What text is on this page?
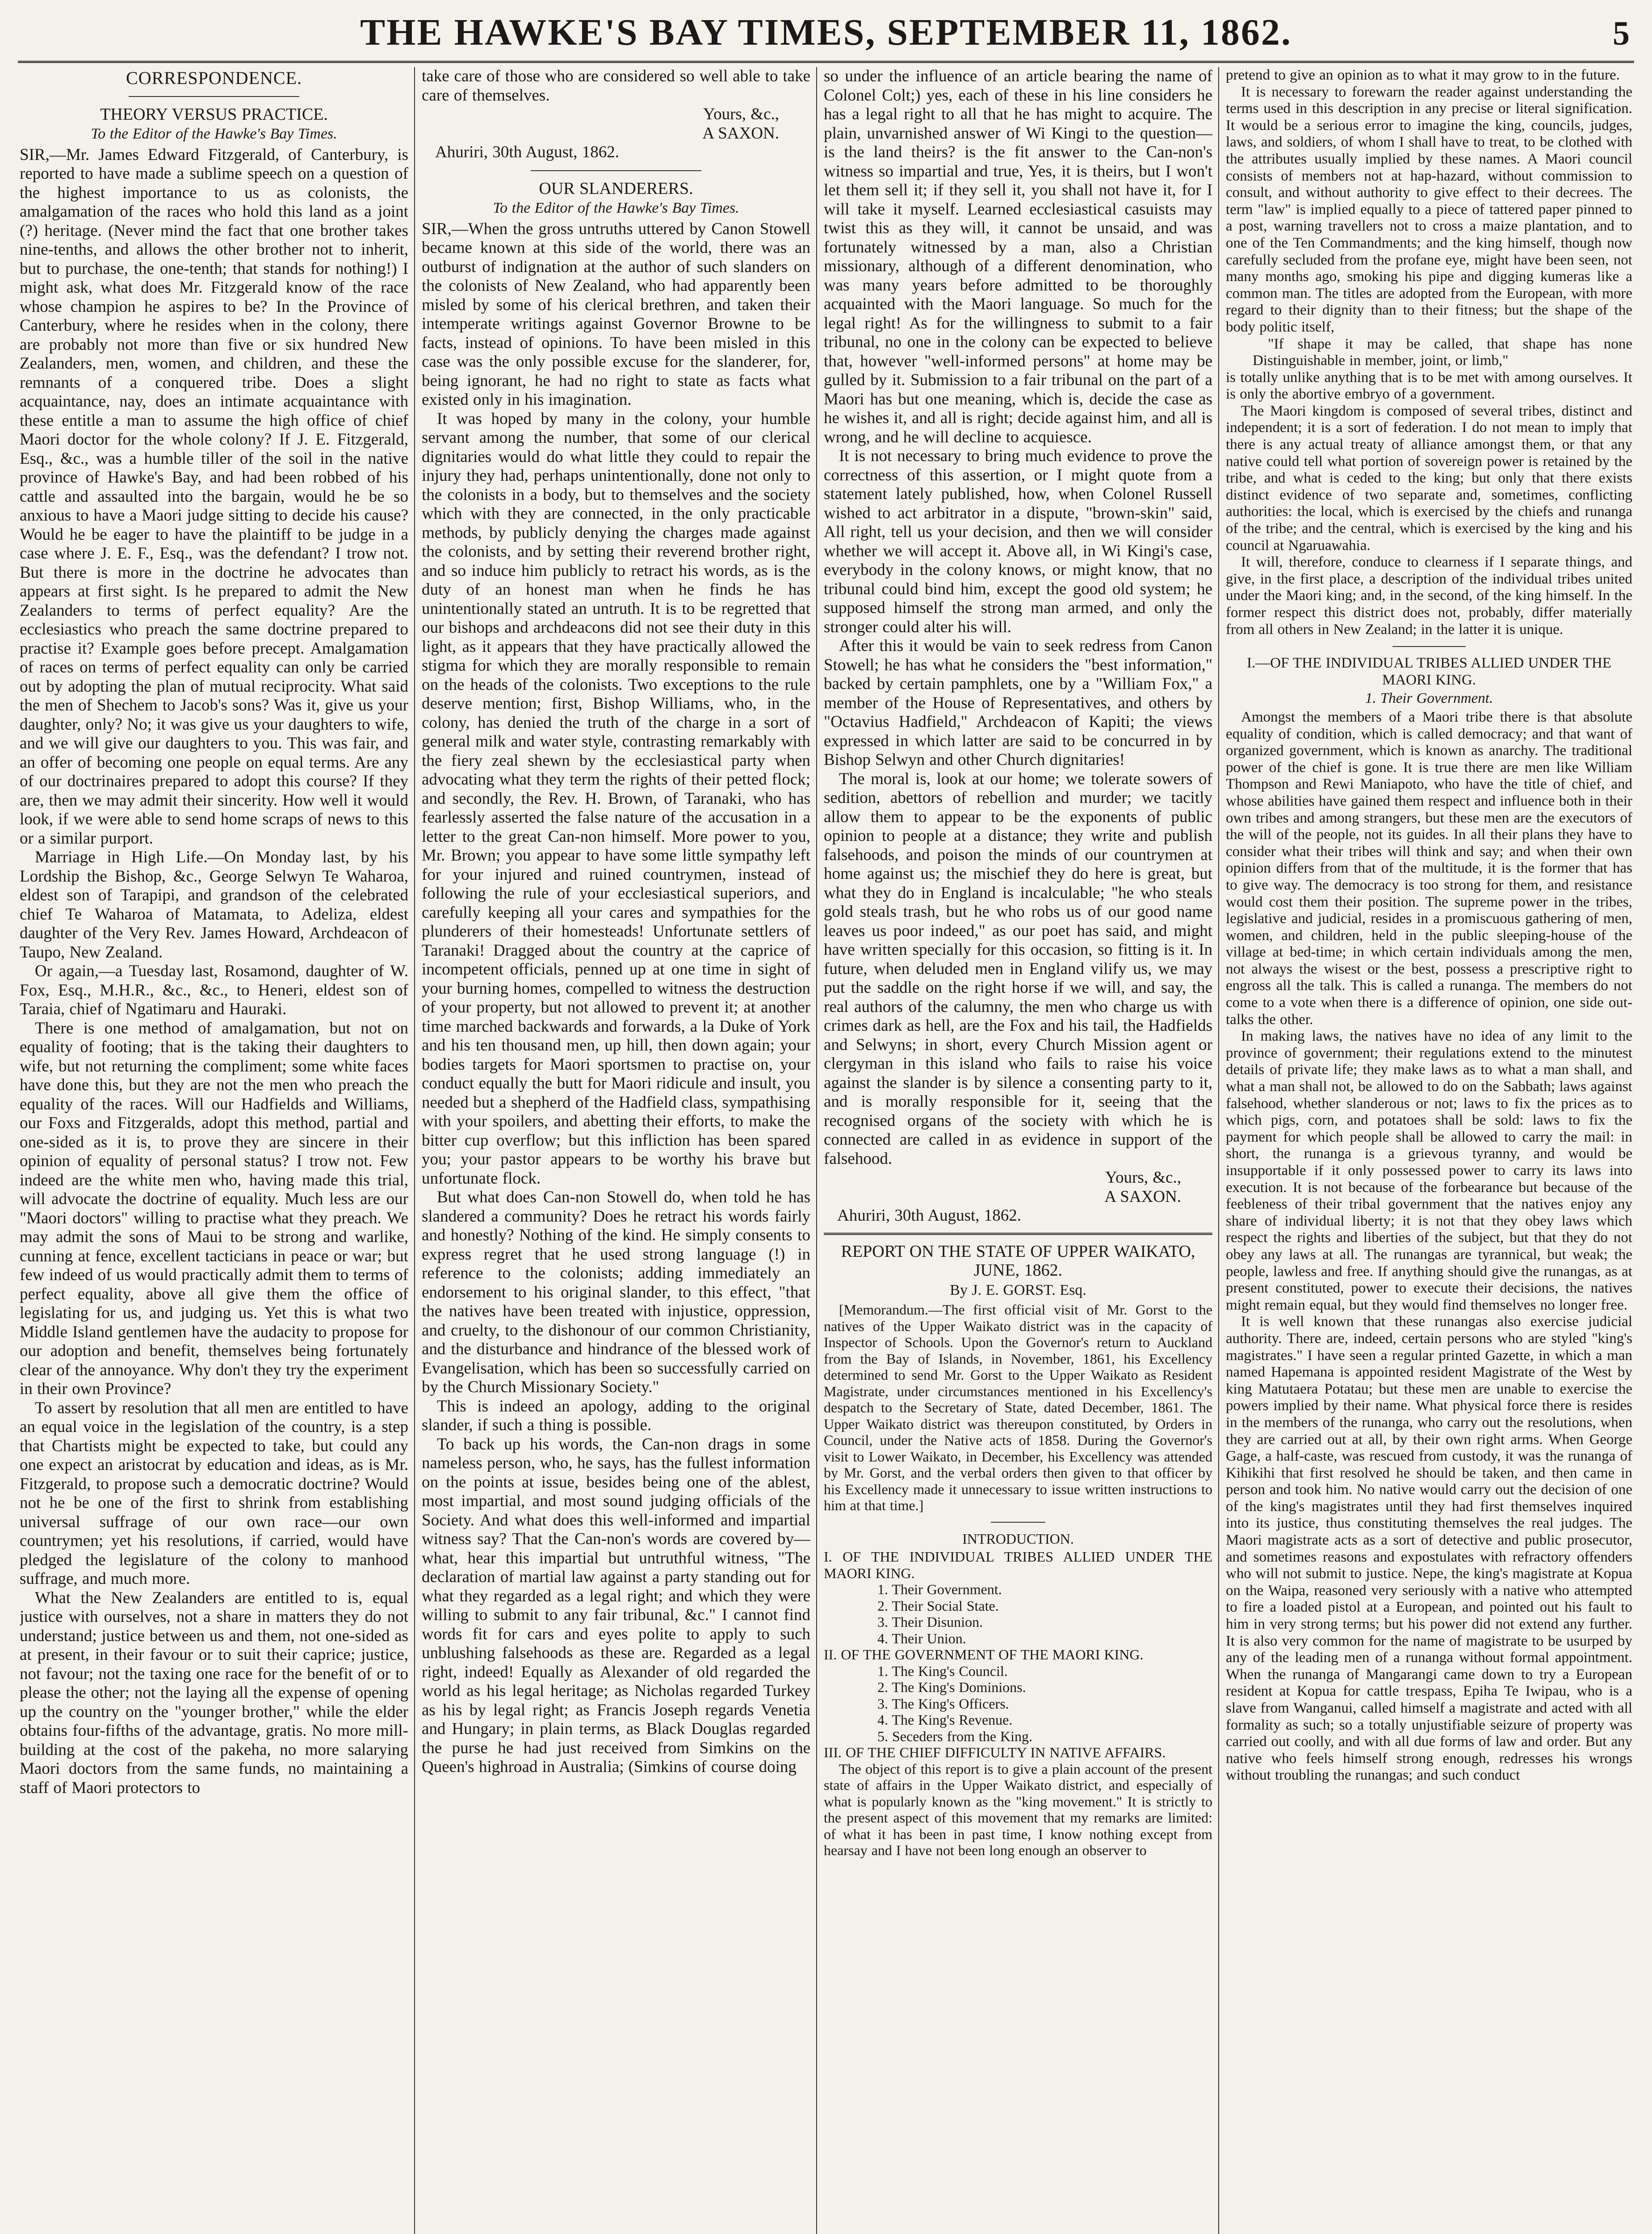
THE HAWKE'S BAY TIMES, SEPTEMBER 11, 1862.	5
CORRESPONDENCE.
THEORY VERSUS PRACTICE.
To the Editor of the Hawke's Bay Times.

SIR,—Mr. James Edward Fitzgerald, of Canterbury, is reported to have made a sublime speech on a question of the highest importance to us as colonists, the amalgamation of the races who hold this land as a joint (?) heritage. (Never mind the fact that one brother takes nine-tenths, and allows the other brother not to inherit, but to purchase, the one-tenth; that stands for nothing!) I might ask, what does Mr. Fitzgerald know of the race whose champion he aspires to be? In the Province of Canterbury, where he resides when in the colony, there are probably not more than five or six hundred New Zealanders, men, women, and children, and these the remnants of a conquered tribe. Does a slight acquaintance, nay, does an intimate acquaintance with these entitle a man to assume the high office of chief Maori doctor for the whole colony? If J. E. Fitzgerald, Esq., &c., was a humble tiller of the soil in the native province of Hawke's Bay, and had been robbed of his cattle and assaulted into the bargain, would he be so anxious to have a Maori judge sitting to decide his cause? Would he be eager to have the plaintiff to be judge in a case where J. E. F., Esq., was the defendant? I trow not. But there is more in the doctrine he advocates than appears at first sight. Is he prepared to admit the New Zealanders to terms of perfect equality? Are the ecclesiastics who preach the same doctrine prepared to practise it? Example goes before precept. Amalgamation of races on terms of perfect equality can only be carried out by adopting the plan of mutual reciprocity. What said the men of Shechem to Jacob's sons? Was it, give us your daughter, only? No; it was give us your daughters to wife, and we will give our daughters to you. This was fair, and an offer of becoming one people on equal terms. Are any of our doctrinaires prepared to adopt this course? If they are, then we may admit their sincerity. How well it would look, if we were able to send home scraps of news to this or a similar purport.

Marriage in High Life.—On Monday last, by his Lordship the Bishop, &c., George Selwyn Te Waharoa, eldest son of Tarapipi, and grandson of the celebrated chief Te Waharoa of Matamata, to Adeliza, eldest daughter of the Very Rev. James Howard, Archdeacon of Taupo, New Zealand.

Or again,—a Tuesday last, Rosamond, daughter of W. Fox, Esq., M.H.R., &c., &c., to Heneri, eldest son of Taraia, chief of Ngatimaru and Hauraki.

There is one method of amalgamation, but not on equality of footing; that is the taking their daughters to wife, but not returning the compliment; some white faces have done this, but they are not the men who preach the equality of the races. Will our Hadfields and Williams, our Foxs and Fitzgeralds, adopt this method, partial and one-sided as it is, to prove they are sincere in their opinion of equality of personal status? I trow not. Few indeed are the white men who, having made this trial, will advocate the doctrine of equality. Much less are our "Maori doctors" willing to practise what they preach. We may admit the sons of Maui to be strong and warlike, cunning at fence, excellent tacticians in peace or war; but few indeed of us would practically admit them to terms of perfect equality, above all give them the office of legislating for us, and judging us. Yet this is what two Middle Island gentlemen have the audacity to propose for our adoption and benefit, themselves being fortunately clear of the annoyance. Why don't they try the experiment in their own Province?

To assert by resolution that all men are entitled to have an equal voice in the legislation of the country, is a step that Chartists might be expected to take, but could any one expect an aristocrat by education and ideas, as is Mr. Fitzgerald, to propose such a democratic doctrine? Would not he be one of the first to shrink from establishing universal suffrage of our own race—our own countrymen; yet his resolutions, if carried, would have pledged the legislature of the colony to manhood suffrage, and much more.

What the New Zealanders are entitled to is, equal justice with ourselves, not a share in matters they do not understand; justice between us and them, not one-sided as at present, in their favour or to suit their caprice; justice, not favour; not the taxing one race for the benefit of or to please the other; not the laying all the expense of opening up the country on the "younger brother," while the elder obtains four-fifths of the advantage, gratis. No more mill-building at the cost of the pakeha, no more salarying Maori doctors from the same funds, no maintaining a staff of Maori protectors to

take care of those who are considered so well able to take care of themselves.

Yours, &c.,

A SAXON.

Ahuriri, 30th August, 1862.

OUR SLANDERERS.
To the Editor of the Hawke's Bay Times.

SIR,—When the gross untruths uttered by Canon Stowell became known at this side of the world, there was an outburst of indignation at the author of such slanders on the colonists of New Zealand, who had apparently been misled by some of his clerical brethren, and taken their intemperate writings against Governor Browne to be facts, instead of opinions. To have been misled in this case was the only possible excuse for the slanderer, for, being ignorant, he had no right to state as facts what existed only in his imagination.

It was hoped by many in the colony, your humble servant among the number, that some of our clerical dignitaries would do what little they could to repair the injury they had, perhaps unintentionally, done not only to the colonists in a body, but to themselves and the society which with they are connected, in the only practicable methods, by publicly denying the charges made against the colonists, and by setting their reverend brother right, and so induce him publicly to retract his words, as is the duty of an honest man when he finds he has unintentionally stated an untruth. It is to be regretted that our bishops and archdeacons did not see their duty in this light, as it appears that they have practically allowed the stigma for which they are morally responsible to remain on the heads of the colonists. Two exceptions to the rule deserve mention; first, Bishop Williams, who, in the colony, has denied the truth of the charge in a sort of general milk and water style, contrasting remarkably with the fiery zeal shewn by the ecclesiastical party when advocating what they term the rights of their petted flock; and secondly, the Rev. H. Brown, of Taranaki, who has fearlessly asserted the false nature of the accusation in a letter to the great Can-non himself. More power to you, Mr. Brown; you appear to have some little sympathy left for your injured and ruined countrymen, instead of following the rule of your ecclesiastical superiors, and carefully keeping all your cares and sympathies for the plunderers of their homesteads! Unfortunate settlers of Taranaki! Dragged about the country at the caprice of incompetent officials, penned up at one time in sight of your burning homes, compelled to witness the destruction of your property, but not allowed to prevent it; at another time marched backwards and forwards, a la Duke of York and his ten thousand men, up hill, then down again; your bodies targets for Maori sportsmen to practise on, your conduct equally the butt for Maori ridicule and insult, you needed but a shepherd of the Hadfield class, sympathising with your spoilers, and abetting their efforts, to make the bitter cup overflow; but this infliction has been spared you; your pastor appears to be worthy his brave but unfortunate flock.

But what does Can-non Stowell do, when told he has slandered a community? Does he retract his words fairly and honestly? Nothing of the kind. He simply consents to express regret that he used strong language (!) in reference to the colonists; adding immediately an endorsement to his original slander, to this effect, "that the natives have been treated with injustice, oppression, and cruelty, to the dishonour of our common Christianity, and the disturbance and hindrance of the blessed work of Evangelisation, which has been so successfully carried on by the Church Missionary Society."

This is indeed an apology, adding to the original slander, if such a thing is possible.

To back up his words, the Can-non drags in some nameless person, who, he says, has the fullest information on the points at issue, besides being one of the ablest, most impartial, and most sound judging officials of the Society. And what does this well-informed and impartial witness say? That the Can-non's words are covered by—what, hear this impartial but untruthful witness, "The declaration of martial law against a party standing out for what they regarded as a legal right; and which they were willing to submit to any fair tribunal, &c." I cannot find words fit for cars and eyes polite to apply to such unblushing falsehoods as these are. Regarded as a legal right, indeed! Equally as Alexander of old regarded the world as his legal heritage; as Nicholas regarded Turkey as his by legal right; as Francis Joseph regards Venetia and Hungary; in plain terms, as Black Douglas regarded the purse he had just received from Simkins on the Queen's highroad in Australia; (Simkins of course doing

so under the influence of an article bearing the name of Colonel Colt;) yes, each of these in his line considers he has a legal right to all that he has might to acquire. The plain, unvarnished answer of Wi Kingi to the question—is the land theirs? is the fit answer to the Can-non's witness so impartial and true, Yes, it is theirs, but I won't let them sell it; if they sell it, you shall not have it, for I will take it myself. Learned ecclesiastical casuists may twist this as they will, it cannot be unsaid, and was fortunately witnessed by a man, also a Christian missionary, although of a different denomination, who was many years before admitted to be thoroughly acquainted with the Maori language. So much for the legal right! As for the willingness to submit to a fair tribunal, no one in the colony can be expected to believe that, however "well-informed persons" at home may be gulled by it. Submission to a fair tribunal on the part of a Maori has but one meaning, which is, decide the case as he wishes it, and all is right; decide against him, and all is wrong, and he will decline to acquiesce.

It is not necessary to bring much evidence to prove the correctness of this assertion, or I might quote from a statement lately published, how, when Colonel Russell wished to act arbitrator in a dispute, "brown-skin" said, All right, tell us your decision, and then we will consider whether we will accept it. Above all, in Wi Kingi's case, everybody in the colony knows, or might know, that no tribunal could bind him, except the good old system; he supposed himself the strong man armed, and only the stronger could alter his will.

After this it would be vain to seek redress from Canon Stowell; he has what he considers the "best information," backed by certain pamphlets, one by a "William Fox," a member of the House of Representatives, and others by "Octavius Hadfield," Archdeacon of Kapiti; the views expressed in which latter are said to be concurred in by Bishop Selwyn and other Church dignitaries!

The moral is, look at our home; we tolerate sowers of sedition, abettors of rebellion and murder; we tacitly allow them to appear to be the exponents of public opinion to people at a distance; they write and publish falsehoods, and poison the minds of our countrymen at home against us; the mischief they do here is great, but what they do in England is incalculable; "he who steals gold steals trash, but he who robs us of our good name leaves us poor indeed," as our poet has said, and might have written specially for this occasion, so fitting is it. In future, when deluded men in England vilify us, we may put the saddle on the right horse if we will, and say, the real authors of the calumny, the men who charge us with crimes dark as hell, are the Fox and his tail, the Hadfields and Selwyns; in short, every Church Mission agent or clergyman in this island who fails to raise his voice against the slander is by silence a consenting party to it, and is morally responsible for it, seeing that the recognised organs of the society with which he is connected are called in as evidence in support of the falsehood.

Yours, &c.,

A SAXON.

Ahuriri, 30th August, 1862.

REPORT ON THE STATE OF UPPER WAIKATO, JUNE, 1862.
By J. E. GORST. Esq.

[Memorandum.—The first official visit of Mr. Gorst to the natives of the Upper Waikato district was in the capacity of Inspector of Schools. Upon the Governor's return to Auckland from the Bay of Islands, in November, 1861, his Excellency determined to send Mr. Gorst to the Upper Waikato as Resident Magistrate, under circumstances mentioned in his Excellency's despatch to the Secretary of State, dated December, 1861. The Upper Waikato district was thereupon constituted, by Orders in Council, under the Native acts of 1858. During the Governor's visit to Lower Waikato, in December, his Excellency was attended by Mr. Gorst, and the verbal orders then given to that officer by his Excellency made it unnecessary to issue written instructions to him at that time.]

INTRODUCTION.
I. OF THE INDIVIDUAL TRIBES ALLIED UNDER THE MAORI KING.
1. Their Government.
2. Their Social State.
3. Their Disunion.
4. Their Union.
II. OF THE GOVERNMENT OF THE MAORI KING.
1. The King's Council.
2. The King's Dominions.
3. The King's Officers.
4. The King's Revenue.
5. Seceders from the King.
III. OF THE CHIEF DIFFICULTY IN NATIVE AFFAIRS.

The object of this report is to give a plain account of the present state of affairs in the Upper Waikato district, and especially of what is popularly known as the "king movement." It is strictly to the present aspect of this movement that my remarks are limited: of what it has been in past time, I know nothing except from hearsay and I have not been long enough an observer to

pretend to give an opinion as to what it may grow to in the future.

It is necessary to forewarn the reader against understanding the terms used in this description in any precise or literal signification. It would be a serious error to imagine the king, councils, judges, laws, and soldiers, of whom I shall have to treat, to be clothed with the attributes usually implied by these names. A Maori council consists of members not at hap-hazard, without commission to consult, and without authority to give effect to their decrees. The term "law" is implied equally to a piece of tattered paper pinned to a post, warning travellers not to cross a maize plantation, and to one of the Ten Commandments; and the king himself, though now carefully secluded from the profane eye, might have been seen, not many months ago, smoking his pipe and digging kumeras like a common man. The titles are adopted from the European, with more regard to their dignity than to their fitness; but the shape of the body politic itself,

"If shape it may be called, that shape has none Distinguishable in member, joint, or limb,"

is totally unlike anything that is to be met with among ourselves. It is only the abortive embryo of a government.

The Maori kingdom is composed of several tribes, distinct and independent; it is a sort of federation. I do not mean to imply that there is any actual treaty of alliance amongst them, or that any native could tell what portion of sovereign power is retained by the tribe, and what is ceded to the king; but only that there exists distinct evidence of two separate and, sometimes, conflicting authorities: the local, which is exercised by the chiefs and runanga of the tribe; and the central, which is exercised by the king and his council at Ngaruawahia.

It will, therefore, conduce to clearness if I separate things, and give, in the first place, a description of the individual tribes united under the Maori king; and, in the second, of the king himself. In the former respect this district does not, probably, differ materially from all others in New Zealand; in the latter it is unique.

I.—OF THE INDIVIDUAL TRIBES ALLIED UNDER THE MAORI KING.
1. Their Government.

Amongst the members of a Maori tribe there is that absolute equality of condition, which is called democracy; and that want of organized government, which is known as anarchy. The traditional power of the chief is gone. It is true there are men like William Thompson and Rewi Maniapoto, who have the title of chief, and whose abilities have gained them respect and influence both in their own tribes and among strangers, but these men are the executors of the will of the people, not its guides. In all their plans they have to consider what their tribes will think and say; and when their own opinion differs from that of the multitude, it is the former that has to give way. The democracy is too strong for them, and resistance would cost them their position. The supreme power in the tribes, legislative and judicial, resides in a promiscuous gathering of men, women, and children, held in the public sleeping-house of the village at bed-time; in which certain individuals among the men, not always the wisest or the best, possess a prescriptive right to engross all the talk. This is called a runanga. The members do not come to a vote when there is a difference of opinion, one side out-talks the other.

In making laws, the natives have no idea of any limit to the province of government; their regulations extend to the minutest details of private life; they make laws as to what a man shall, and what a man shall not, be allowed to do on the Sabbath; laws against falsehood, whether slanderous or not; laws to fix the prices as to which pigs, corn, and potatoes shall be sold: laws to fix the payment for which people shall be allowed to carry the mail: in short, the runanga is a grievous tyranny, and would be insupportable if it only possessed power to carry its laws into execution. It is not because of the forbearance but because of the feebleness of their tribal government that the natives enjoy any share of individual liberty; it is not that they obey laws which respect the rights and liberties of the subject, but that they do not obey any laws at all. The runangas are tyrannical, but weak; the people, lawless and free. If anything should give the runangas, as at present constituted, power to execute their decisions, the natives might remain equal, but they would find themselves no longer free.

It is well known that these runangas also exercise judicial authority. There are, indeed, certain persons who are styled "king's magistrates." I have seen a regular printed Gazette, in which a man named Hapemana is appointed resident Magistrate of the West by king Matutaera Potatau; but these men are unable to exercise the powers implied by their name. What physical force there is resides in the members of the runanga, who carry out the resolutions, when they are carried out at all, by their own right arms. When George Gage, a half-caste, was rescued from custody, it was the runanga of Kihikihi that first resolved he should be taken, and then came in person and took him. No native would carry out the decision of one of the king's magistrates until they had first themselves inquired into its justice, thus constituting themselves the real judges. The Maori magistrate acts as a sort of detective and public prosecutor, and sometimes reasons and expostulates with refractory offenders who will not submit to justice. Nepe, the king's magistrate at Kopua on the Waipa, reasoned very seriously with a native who attempted to fire a loaded pistol at a European, and pointed out his fault to him in very strong terms; but his power did not extend any further. It is also very common for the name of magistrate to be usurped by any of the leading men of a runanga without formal appointment. When the runanga of Mangarangi came down to try a European resident at Kopua for cattle trespass, Epiha Te Iwipau, who is a slave from Wanganui, called himself a magistrate and acted with all formality as such; so a totally unjustifiable seizure of property was carried out coolly, and with all due forms of law and order. But any native who feels himself strong enough, redresses his wrongs without troubling the runangas; and such conduct
